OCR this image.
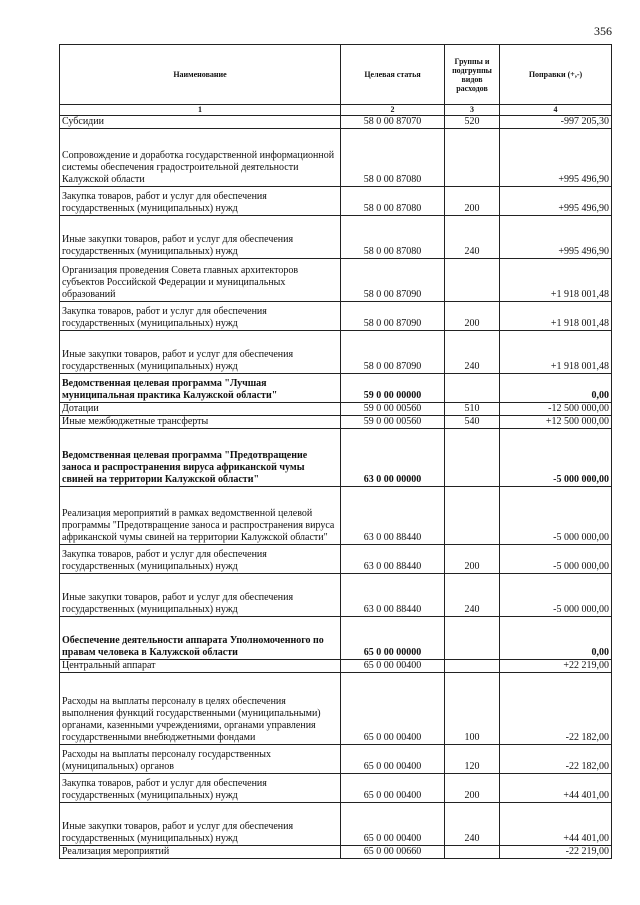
356
Наименование	Целевая статья	Группы и подгруппы видов расходов	Поправки (+,-)
1	2	3	4
Субсидии	58 0 00 87070	520	-997 205,30
Сопровождение и доработка государственной информационной системы обеспечения градостроительной деятельности Калужской области	58 0 00 87080		+995 496,90
Закупка товаров, работ и услуг для обеспечения государственных (муниципальных) нужд	58 0 00 87080	200	+995 496,90
Иные закупки товаров, работ и услуг для обеспечения государственных (муниципальных) нужд	58 0 00 87080	240	+995 496,90
Организация проведения Совета главных архитекторов субъектов Российской Федерации и муниципальных образований	58 0 00 87090		+1 918 001,48
Закупка товаров, работ и услуг для обеспечения государственных (муниципальных) нужд	58 0 00 87090	200	+1 918 001,48
Иные закупки товаров, работ и услуг для обеспечения государственных (муниципальных) нужд	58 0 00 87090	240	+1 918 001,48
Ведомственная целевая программа "Лучшая муниципальная практика Калужской области"	59 0 00 00000		0,00
Дотации	59 0 00 00560	510	-12 500 000,00
Иные межбюджетные трансферты	59 0 00 00560	540	+12 500 000,00
Ведомственная целевая программа "Предотвращение заноса и распространения вируса африканской чумы свиней на территории Калужской области"	63 0 00 00000		-5 000 000,00
Реализация мероприятий в рамках ведомственной целевой программы "Предотвращение заноса и распространения вируса африканской чумы свиней на территории Калужской области"	63 0 00 88440		-5 000 000,00
Закупка товаров, работ и услуг для обеспечения государственных (муниципальных) нужд	63 0 00 88440	200	-5 000 000,00
Иные закупки товаров, работ и услуг для обеспечения государственных (муниципальных) нужд	63 0 00 88440	240	-5 000 000,00
Обеспечение деятельности аппарата Уполномоченного по правам человека в Калужской области	65 0 00 00000		0,00
Центральный аппарат	65 0 00 00400		+22 219,00
Расходы на выплаты персоналу в целях обеспечения выполнения функций государственными (муниципальными) органами, казенными учреждениями, органами управления государственными внебюджетными фондами	65 0 00 00400	100	-22 182,00
Расходы на выплаты персоналу государственных (муниципальных) органов	65 0 00 00400	120	-22 182,00
Закупка товаров, работ и услуг для обеспечения государственных (муниципальных) нужд	65 0 00 00400	200	+44 401,00
Иные закупки товаров, работ и услуг для обеспечения государственных (муниципальных) нужд	65 0 00 00400	240	+44 401,00
Реализация мероприятий	65 0 00 00660		-22 219,00
